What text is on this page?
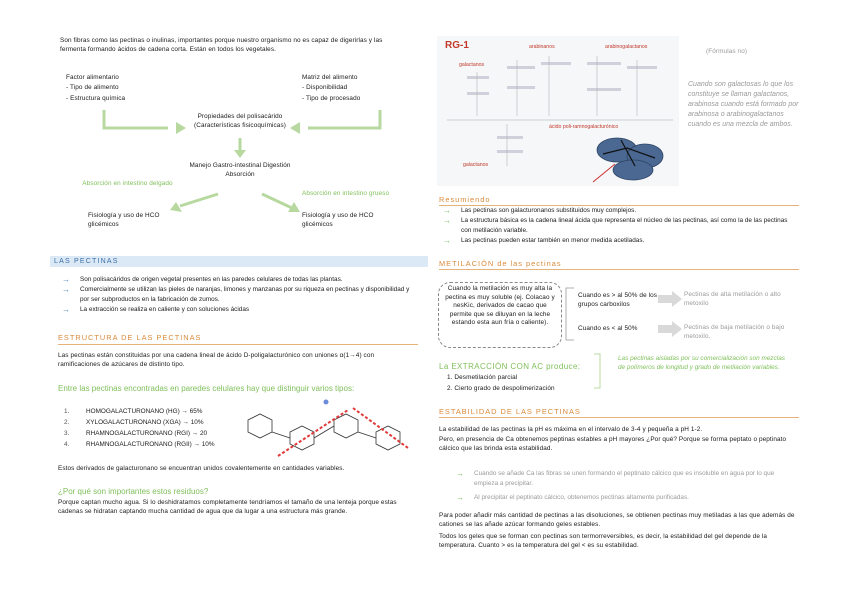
Son fibras como las pectinas o inulinas, importantes porque nuestro organismo no es capaz de digerirlas y las fermenta formando ácidos de cadena corta. Están en todos los vegetales.
Factor alimentario
- Tipo de alimento
- Estructura química
Matriz del alimento
- Disponibilidad
- Tipo de procesado
Propiedades del polisacárido (Características fisicoquímicas)
Manejo Gastro-intestinal Digestión Absorción
Absorción en intestino delgado
Absorción en intestino grueso
Fisiología y uso de HCO glicémicos
Fisiología y uso de HCO glicémicos
LAS PECTINAS
→ Son polisacáridos de origen vegetal presentes en las paredes celulares de todas las plantas.
→ Comercialmente se utilizan las pieles de naranjas, limones y manzanas por su riqueza en pectinas y disponibilidad y por ser subproductos en la fabricación de zumos.
→ La extracción se realiza en caliente y con soluciones ácidas
ESTRUCTURA DE LAS PECTINAS
Las pectinas están constituidas por una cadena lineal de ácido D-poligalacturónico con uniones α(1→4) con ramificaciones de azúcares de distinto tipo.
Entre las pectinas encontradas en paredes celulares hay que distinguir varios tipos:
1.	HOMOGALACTURONANO (HG) → 65%
2.	XYLOGALACTURONANO (XGA) → 10%
3.	RHAMNOGALACTURONANO (RGI) → 20
4.	RHAMNOGALACTURONANO (RGII) → 10%
Estos derivados de galacturonano se encuentran unidos covalentemente en cantidades variables.
¿Por qué son importantes estos residuos?
Porque captan mucho agua. Si lo deshidratamos completamente tendríamos el tamaño de una lenteja porque estas cadenas se hidratan captando mucha cantidad de agua que da lugar a una estructura más grande.
RG-1	arabinanos	arabinogalactanos
galactanos
ácido poli-ramnogalacturónico
galactanos
(Fórmulas no)
Cuando son galactosas lo que los constituye se llaman galactanos, arabinosa cuando está formado por arabinosa o arabinogalactanos cuando es una mezcla de ambos.
Resumiendo
→ Las pectinas son galacturonanos substituidos muy complejos.
→ La estructura básica es la cadena lineal ácida que representa el núcleo de las pectinas, así como la de las pectinas con metilación variable.
→ Las pectinas pueden estar también en menor medida acetiladas.
METILACIÓN de las pectinas
Cuando la metilación es muy alta la pectina es muy soluble (ej. Colacao y nesKic, derivados de cacao que permite que se diluyan en la leche estando esta aun fría o caliente).
Cuando es > al 50% de los grupos carboxilos
Cuando es < al 50%
Pectinas de alta metilación o alto metoxilo
Pectinas de baja metilación o bajo metoxilo.
La EXTRACCIÓN CON AC produce:
1. Desmetilación parcial
2. Cierto grado de despolimerización
Las pectinas aisladas por su comercialización son mezclas de polímeros de longitud y grado de metilación variables.
ESTABILIDAD DE LAS PECTINAS
La estabilidad de las pectinas la pH es máxima en el intervalo de 3-4 y pequeña a pH 1-2.
Pero, en presencia de Ca obtenemos peptinas estables a pH mayores ¿Por qué? Porque se forma peptato o peptinato cálcico que las brinda esta estabilidad.
→ Cuando se añade Ca las fibras se unen formando el peptinato cálcico que es insoluble en agua por lo que empieza a precipitar.
→ Al precipitar el peptinato cálcico, obtenemos pectinas altamente purificadas.
Para poder añadir más cantidad de pectinas a las disoluciones, se obtienen pectinas muy metiladas a las que además de cationes se las añade azúcar formando geles estables.
Todos los geles que se forman con pectinas son termorreversibles, es decir, la estabilidad del gel depende de la temperatura. Cuanto > es la temperatura del gel < es su estabilidad.
